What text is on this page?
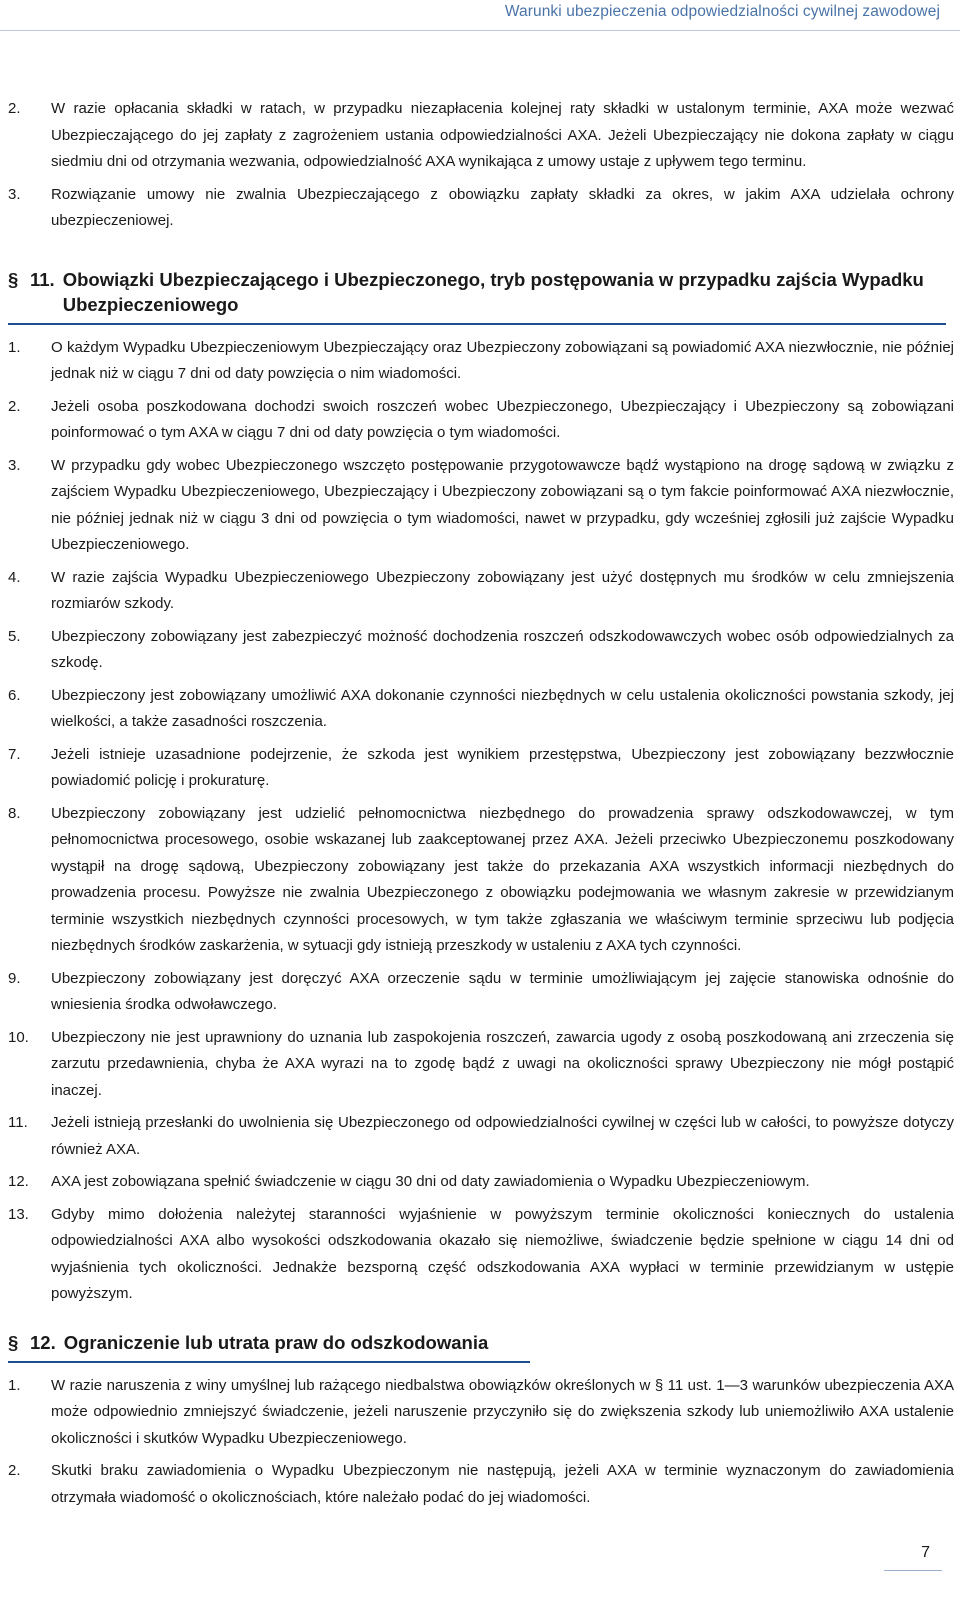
Warunki ubezpieczenia odpowiedzialności cywilnej zawodowej
2.	W razie opłacania składki w ratach, w przypadku niezapłacenia kolejnej raty składki w ustalonym terminie, AXA może wezwać Ubezpieczającego do jej zapłaty z zagrożeniem ustania odpowiedzialności AXA. Jeżeli Ubezpieczający nie dokona zapłaty w ciągu siedmiu dni od otrzymania wezwania, odpowiedzialność AXA wynikająca z umowy ustaje z upływem tego terminu.
3.	Rozwiązanie umowy nie zwalnia Ubezpieczającego z obowiązku zapłaty składki za okres, w jakim AXA udzielała ochrony ubezpieczeniowej.
§ 11. Obowiązki Ubezpieczającego i Ubezpieczonego, tryb postępowania w przypadku zajścia Wypadku Ubezpieczeniowego
1.	O każdym Wypadku Ubezpieczeniowym Ubezpieczający oraz Ubezpieczony zobowiązani są powiadomić AXA niezwłocznie, nie później jednak niż w ciągu 7 dni od daty powzięcia o nim wiadomości.
2.	Jeżeli osoba poszkodowana dochodzi swoich roszczeń wobec Ubezpieczonego, Ubezpieczający i Ubezpieczony są zobowiązani poinformować o tym AXA w ciągu 7 dni od daty powzięcia o tym wiadomości.
3.	W przypadku gdy wobec Ubezpieczonego wszczęto postępowanie przygotowawcze bądź wystąpiono na drogę sądową w związku z zajściem Wypadku Ubezpieczeniowego, Ubezpieczający i Ubezpieczony zobowiązani są o tym fakcie poinformować AXA niezwłocznie, nie później jednak niż w ciągu 3 dni od powzięcia o tym wiadomości, nawet w przypadku, gdy wcześniej zgłosili już zajście Wypadku Ubezpieczeniowego.
4.	W razie zajścia Wypadku Ubezpieczeniowego Ubezpieczony zobowiązany jest użyć dostępnych mu środków w celu zmniejszenia rozmiarów szkody.
5.	Ubezpieczony zobowiązany jest zabezpieczyć możność dochodzenia roszczeń odszkodowawczych wobec osób odpowiedzialnych za szkodę.
6.	Ubezpieczony jest zobowiązany umożliwić AXA dokonanie czynności niezbędnych w celu ustalenia okoliczności powstania szkody, jej wielkości, a także zasadności roszczenia.
7.	Jeżeli istnieje uzasadnione podejrzenie, że szkoda jest wynikiem przestępstwa, Ubezpieczony jest zobowiązany bezzwłocznie powiadomić policję i prokuraturę.
8.	Ubezpieczony zobowiązany jest udzielić pełnomocnictwa niezbędnego do prowadzenia sprawy odszkodowawczej, w tym pełnomocnictwa procesowego, osobie wskazanej lub zaakceptowanej przez AXA. Jeżeli przeciwko Ubezpieczonemu poszkodowany wystąpił na drogę sądową, Ubezpieczony zobowiązany jest także do przekazania AXA wszystkich informacji niezbędnych do prowadzenia procesu. Powyższe nie zwalnia Ubezpieczonego z obowiązku podejmowania we własnym zakresie w przewidzianym terminie wszystkich niezbędnych czynności procesowych, w tym także zgłaszania we właściwym terminie sprzeciwu lub podjęcia niezbędnych środków zaskarżenia, w sytuacji gdy istnieją przeszkody w ustaleniu z AXA tych czynności.
9.	Ubezpieczony zobowiązany jest doręczyć AXA orzeczenie sądu w terminie umożliwiającym jej zajęcie stanowiska odnośnie do wniesienia środka odwoławczego.
10.	Ubezpieczony nie jest uprawniony do uznania lub zaspokojenia roszczeń, zawarcia ugody z osobą poszkodowaną ani zrzeczenia się zarzutu przedawnienia, chyba że AXA wyrazi na to zgodę bądź z uwagi na okoliczności sprawy Ubezpieczony nie mógł postąpić inaczej.
11.	Jeżeli istnieją przesłanki do uwolnienia się Ubezpieczonego od odpowiedzialności cywilnej w części lub w całości, to powyższe dotyczy również AXA.
12.	AXA jest zobowiązana spełnić świadczenie w ciągu 30 dni od daty zawiadomienia o Wypadku Ubezpieczeniowym.
13.	Gdyby mimo dołożenia należytej staranności wyjaśnienie w powyższym terminie okoliczności koniecznych do ustalenia odpowiedzialności AXA albo wysokości odszkodowania okazało się niemożliwe, świadczenie będzie spełnione w ciągu 14 dni od wyjaśnienia tych okoliczności. Jednakże bezsporną część odszkodowania AXA wypłaci w terminie przewidzianym w ustępie powyższym.
§ 12. Ograniczenie lub utrata praw do odszkodowania
1.	W razie naruszenia z winy umyślnej lub rażącego niedbalstwa obowiązków określonych w § 11 ust. 1—3 warunków ubezpieczenia AXA może odpowiednio zmniejszyć świadczenie, jeżeli naruszenie przyczyniło się do zwiększenia szkody lub uniemożliwiło AXA ustalenie okoliczności i skutków Wypadku Ubezpieczeniowego.
2.	Skutki braku zawiadomienia o Wypadku Ubezpieczonym nie następują, jeżeli AXA w terminie wyznaczonym do zawiadomienia otrzymała wiadomość o okolicznościach, które należało podać do jej wiadomości.
7
